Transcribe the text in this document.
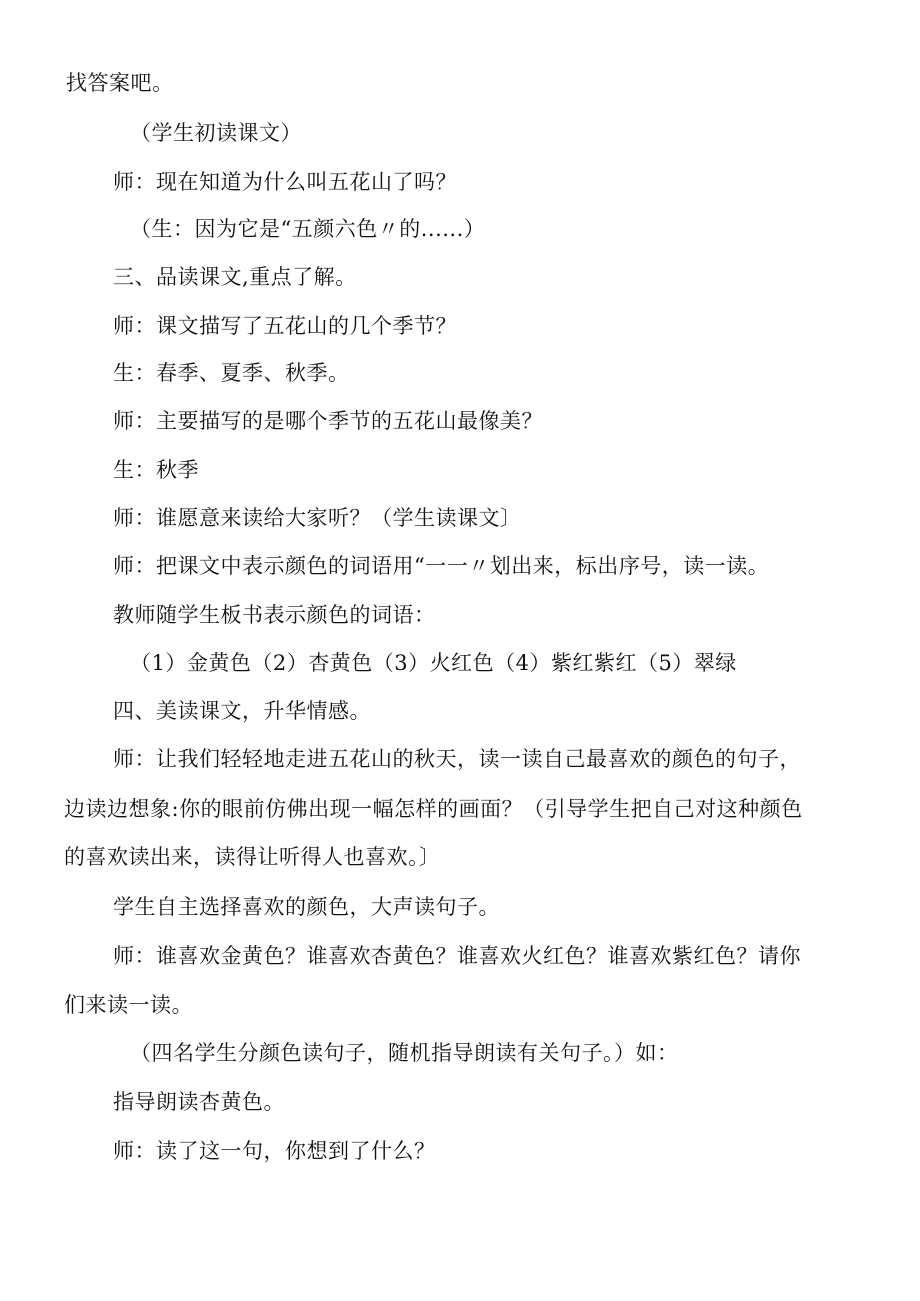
找答案吧。
（学生初读课文）
师：现在知道为什么叫五花山了吗？
（生：因为它是“五颜六色〃的......）
三、品读课文,重点了解。
师：课文描写了五花山的几个季节？
生：春季、夏季、秋季。
师：主要描写的是哪个季节的五花山最像美？
生：秋季
师：谁愿意来读给大家听？（学生读课文〕
师：把课文中表示颜色的词语用“一一〃划出来，标出序号，读一读。
教师随学生板书表示颜色的词语：
（1）金黄色（2）杏黄色（3）火红色（4）紫红紫红（5）翠绿
四、美读课文，升华情感。
师：让我们轻轻地走进五花山的秋天，读一读自己最喜欢的颜色的句子，
边读边想象:你的眼前仿佛出现一幅怎样的画面？（引导学生把自己对这种颜色
的喜欢读出来，读得让听得人也喜欢。〕
学生自主选择喜欢的颜色，大声读句子。
师：谁喜欢金黄色？谁喜欢杏黄色？谁喜欢火红色？谁喜欢紫红色？请你
们来读一读。
（四名学生分颜色读句子，随机指导朗读有关句子。）如：
指导朗读杏黄色。
师：读了这一句，你想到了什么？
